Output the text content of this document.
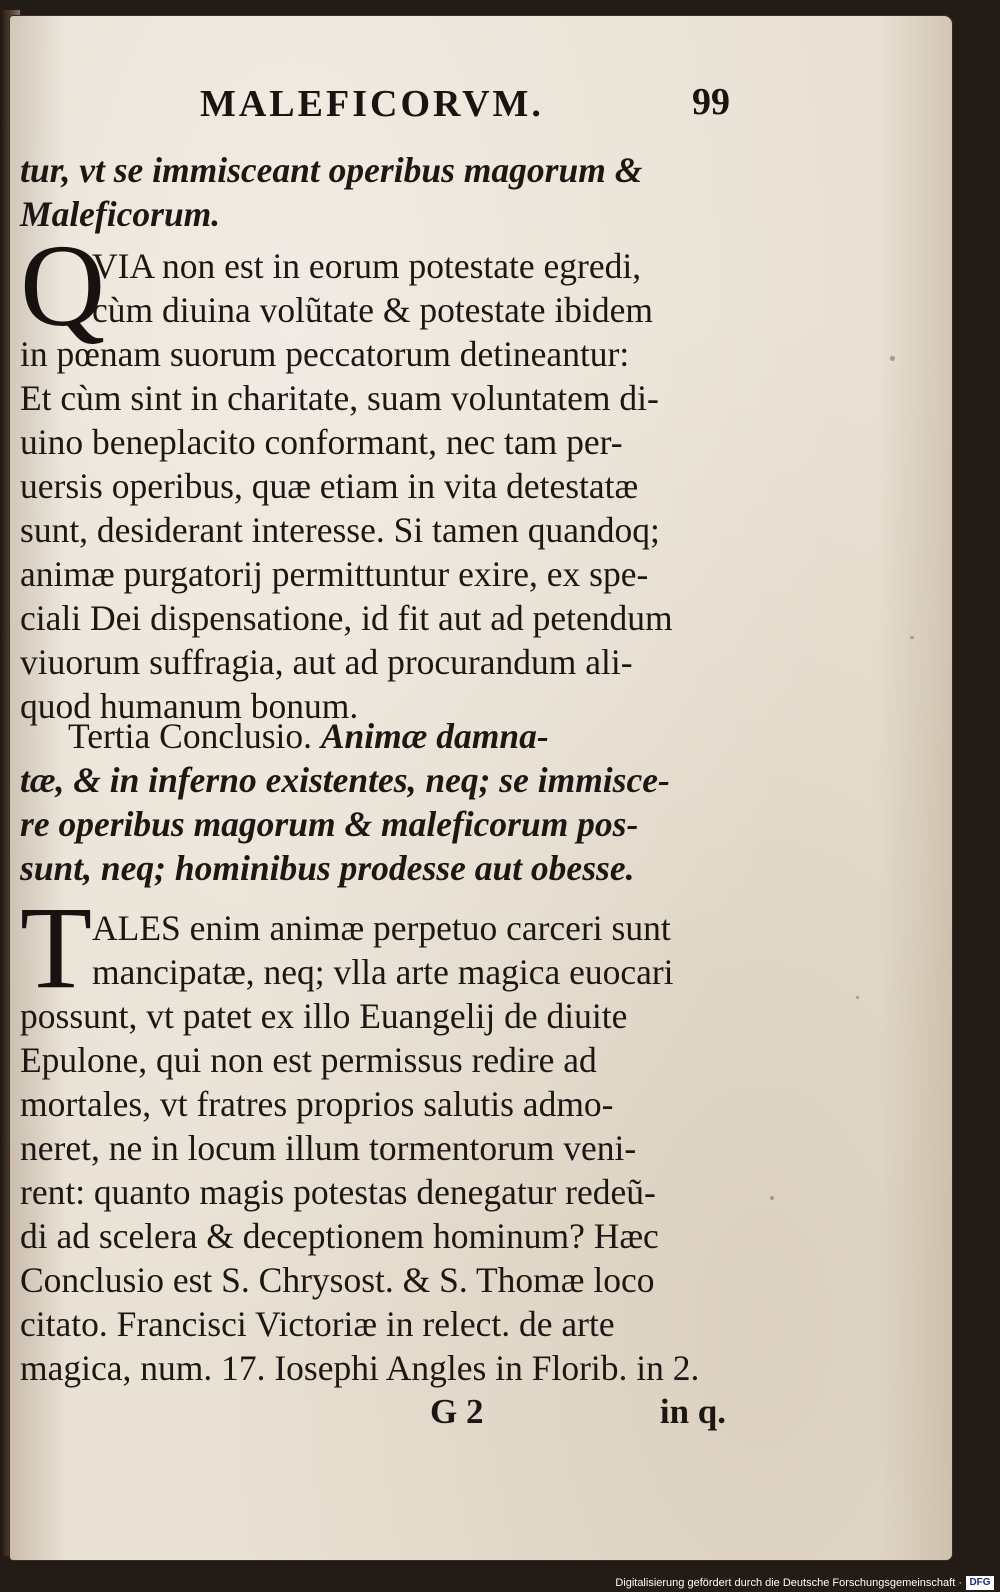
MALEFICORVM.	99
tur, vt se immisceant operibus magorum &
Maleficorum.
Q
VIA non est in eorum potestate egredi,
cùm diuina volũtate & potestate ibidem
in pœnam suorum peccatorum detineantur:
Et cùm sint in charitate, suam voluntatem di-
uino beneplacito conformant, nec tam per-
uersis operibus, quæ etiam in vita detestatæ
sunt, desiderant interesse. Si tamen quandoq;
animæ purgatorij permittuntur exire, ex spe-
ciali Dei dispensatione, id fit aut ad petendum
viuorum suffragia, aut ad procurandum ali-
quod humanum bonum.
Tertia Conclusio. Animæ damna-
tæ, & in inferno existentes, neq; se immisce-
re operibus magorum & maleficorum pos-
sunt, neq; hominibus prodesse aut obesse.
T ALES enim animæ perpetuo carceri sunt
mancipatæ, neq; vlla arte magica euocari
possunt, vt patet ex illo Euangelij de diuite
Epulone, qui non est permissus redire ad
mortales, vt fratres proprios salutis admo-
neret, ne in locum illum tormentorum veni-
rent: quanto magis potestas denegatur redeũ-
di ad scelera & deceptionem hominum? Hæc
Conclusio est S. Chrysost. & S. Thomæ loco
citato. Francisci Victoriæ in relect. de arte
magica, num. 17. Iosephi Angles in Florib. in 2.
in q.
G 2
Digitalisierung gefördert durch die Deutsche Forschungsgemeinschaft · DFG
